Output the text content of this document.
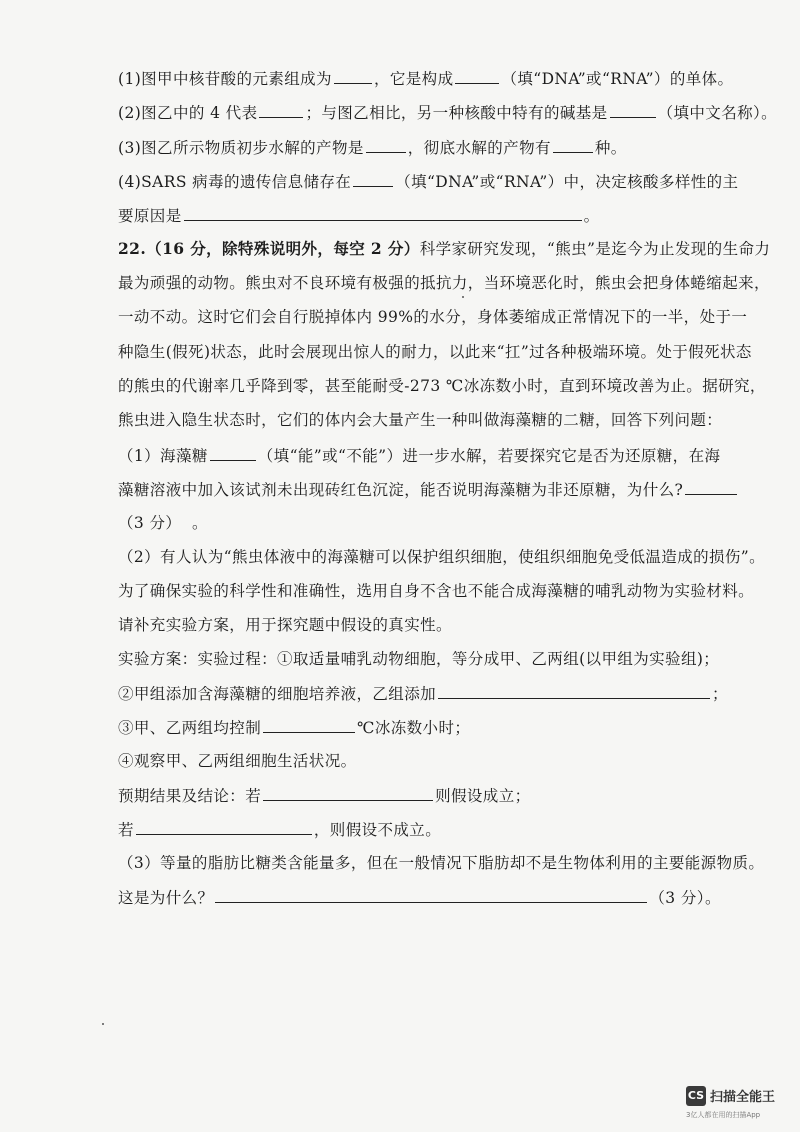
(1)图甲中核苷酸的元素组成为	，它是构成	（填“DNA”或“RNA”）的单体。
(2)图乙中的 4 代表	；与图乙相比，另一种核酸中特有的碱基是	（填中文名称）。
(3)图乙所示物质初步水解的产物是	，彻底水解的产物有	种。
(4)SARS 病毒的遗传信息储存在	（填“DNA”或“RNA”）中，决定核酸多样性的主
要原因是	。
22.（16 分，除特殊说明外，每空 2 分）科学家研究发现，“熊虫”是迄今为止发现的生命力
最为顽强的动物。熊虫对不良环境有极强的抵抗力，当环境恶化时，熊虫会把身体蜷缩起来，
一动不动。这时它们会自行脱掉体内 99%的水分，身体萎缩成正常情况下的一半，处于一
种隐生(假死)状态，此时会展现出惊人的耐力，以此来“扛”过各种极端环境。处于假死状态
的熊虫的代谢率几乎降到零，甚至能耐受-273 ℃冰冻数小时，直到环境改善为止。据研究，
熊虫进入隐生状态时，它们的体内会大量产生一种叫做海藻糖的二糖，回答下列问题：
（1）海藻糖	（填“能”或“不能”）进一步水解，若要探究它是否为还原糖，在海
藻糖溶液中加入该试剂未出现砖红色沉淀，能否说明海藻糖为非还原糖，为什么?
（3 分） 。
（2）有人认为“熊虫体液中的海藻糖可以保护组织细胞，使组织细胞免受低温造成的损伤”。
为了确保实验的科学性和准确性，选用自身不含也不能合成海藻糖的哺乳动物为实验材料。
请补充实验方案，用于探究题中假设的真实性。
实验方案：实验过程：①取适量哺乳动物细胞，等分成甲、乙两组(以甲组为实验组)；
②甲组添加含海藻糖的细胞培养液，乙组添加	；
③甲、乙两组均控制	℃冰冻数小时；
④观察甲、乙两组细胞生活状况。
预期结果及结论：若	则假设成立；
若	，则假设不成立。
（3）等量的脂肪比糖类含能量多，但在一般情况下脂肪却不是生物体利用的主要能源物质。
这是为什么？	（3 分）。
CS 扫描全能王
3亿人都在用的扫描App
